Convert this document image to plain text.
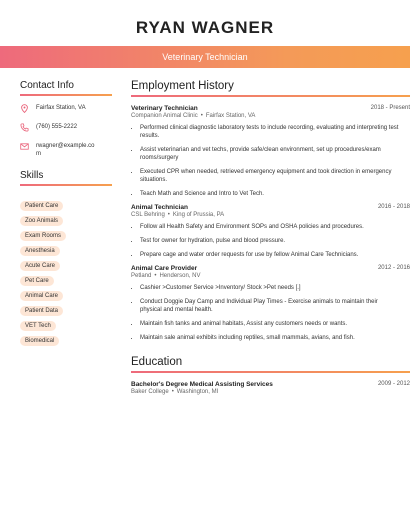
RYAN WAGNER
Veterinary Technician
Contact Info
Fairfax Station, VA
(760) 555-2222
rwagner@example.co
m
Skills
Patient Care
Zoo Animals
Exam Rooms
Anesthesia
Acute Care
Pet Care
Animal Care
Patient Data
VET Tech
Biomedical
Employment History
Veterinary Technician	2018 - Present
Companion Animal Clinic • Fairfax Station, VA
• Performed clinical diagnostic laboratory tests to include recording, evaluating and interpreting test results.
• Assist veterinarian and vet techs, provide safe/clean environment, set up procedures/exam rooms/surgery
• Executed CPR when needed, retrieved emergency equipment and took direction in emergency situations.
• Teach Math and Science and Intro to Vet Tech.
Animal Technician	2016 - 2018
CSL Behring • King of Prussia, PA
• Follow all Health Safety and Environment SOPs and OSHA policies and procedures.
• Test for owner for hydration, pulse and blood pressure.
• Prepare cage and water order requests for use by fellow Animal Care Technicians.
Animal Care Provider	2012 - 2016
Petland • Henderson, NV
• Cashier >Customer Service >Inventory/ Stock >Pet needs [.]
• Conduct Doggie Day Camp and Individual Play Times - Exercise animals to maintain their physical and mental health.
• Maintain fish tanks and animal habitats, Assist any customers needs or wants.
• Maintain sale animal exhibits including reptiles, small mammals, avians, and fish.
Education
Bachelor's Degree Medical Assisting Services	2009 - 2012
Baker College • Washington, MI
